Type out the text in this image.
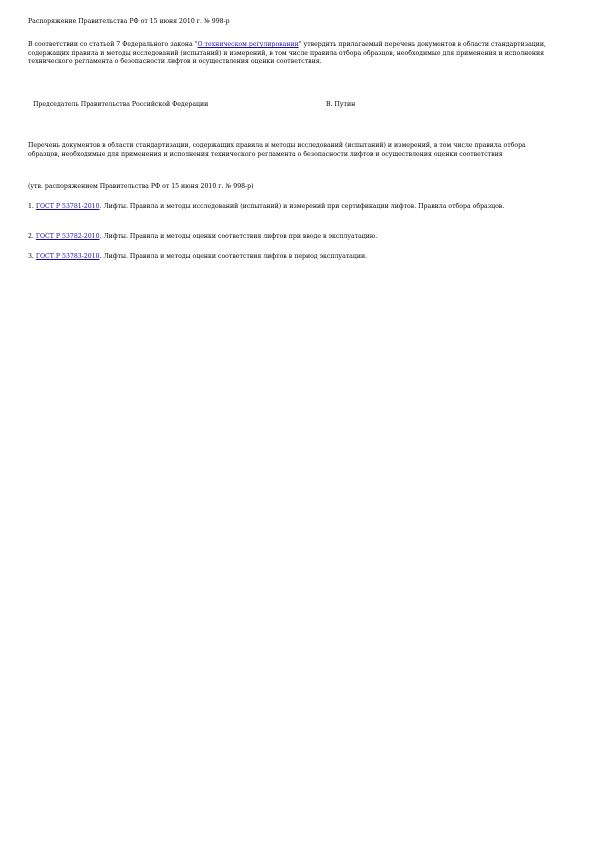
Распоряжение Правительства РФ от 15 июня 2010 г. № 998-р

В соответствии со статьей 7 Федерального закона "О техническом регулировании" утвердить прилагаемый перечень документов в области стандартизации, содержащих правила и методы исследований (испытаний) и измерений, в том числе правила отбора образцов, необходимые для применения и исполнения технического регламента о безопасности лифтов и осуществления оценки соответствия.

Председатель Правительства Российской Федерации	В. Путин

Перечень документов в области стандартизации, содержащих правила и методы исследований (испытаний) и измерений, в том числе правила отбора образцов, необходимые для применения и исполнения технического регламента о безопасности лифтов и осуществления оценки соответствия

(утв. распоряжением Правительства РФ от 15 июня 2010 г. № 998-р)

1. ГОСТ Р 53781-2010. Лифты. Правила и методы исследований (испытаний) и измерений при сертификации лифтов. Правила отбора образцов.

2. ГОСТ Р 53782-2010. Лифты. Правила и методы оценки соответствия лифтов при вводе в эксплуатацию.

3. ГОСТ Р 53783-2010. Лифты. Правила и методы оценки соответствия лифтов в период эксплуатации.
